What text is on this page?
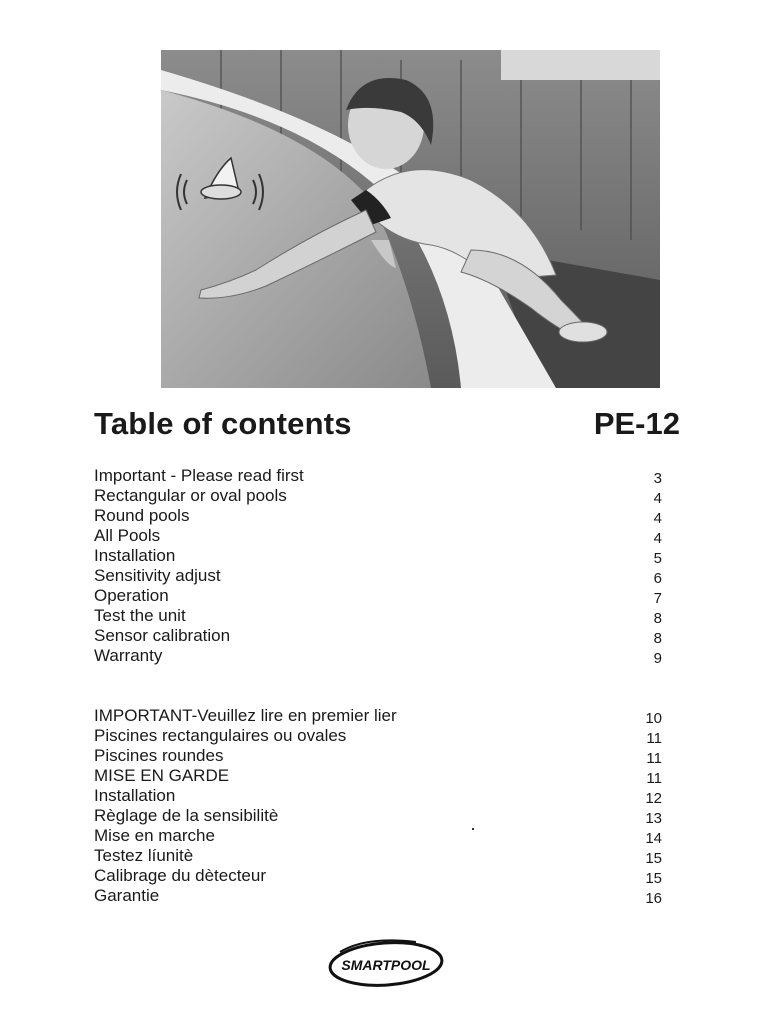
Table of contents	PE-12
Important - Please read first	3
Rectangular or oval pools	4
Round pools	4
All Pools	4
Installation	5
Sensitivity adjust	6
Operation	7
Test the unit	8
Sensor calibration	8
Warranty	9
IMPORTANT-Veuillez lire en premier lier	10
Piscines rectangulaires ou ovales	11
Piscines roundes	11
MISE EN GARDE	11
Installation	12
Règlage de la sensibilitè	13
Mise en marche	14
Testez líunitè	15
Calibrage du dètecteur	15
Garantie	16
SMARTPOOL
